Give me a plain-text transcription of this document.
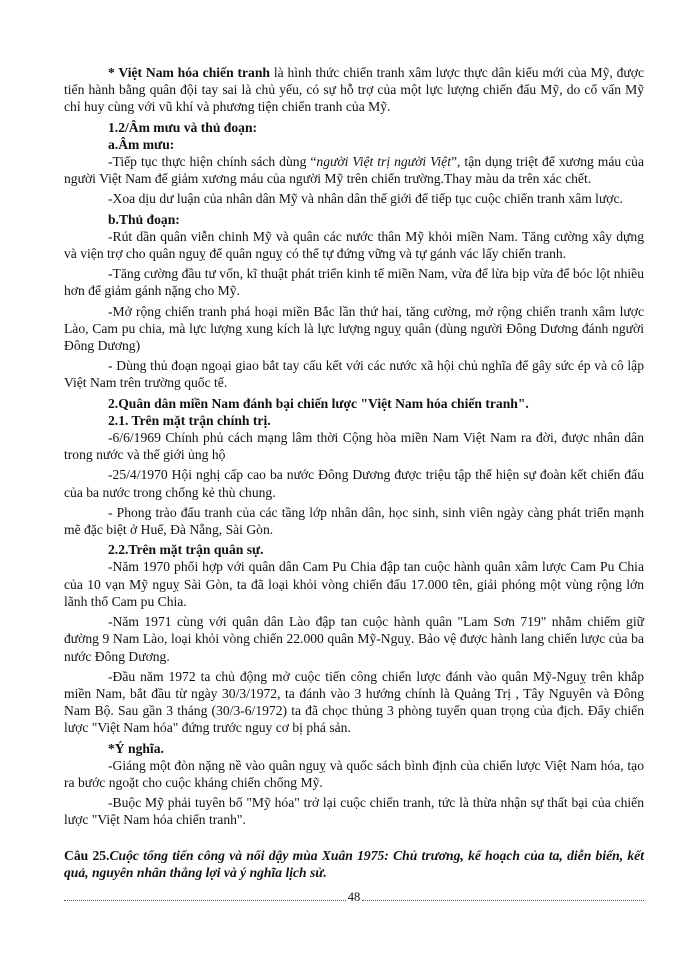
* Việt Nam hóa chiến tranh là hình thức chiến tranh xâm lược thực dân kiểu mới của Mỹ, được tiến hành bằng quân đội tay sai là chủ yếu, có sự hỗ trợ của một lực lượng chiến đấu Mỹ, do cố vấn Mỹ chỉ huy cùng với vũ khí và phương tiện chiến tranh của Mỹ.

1.2/Âm mưu và thủ đoạn:

a.Âm mưu:

-Tiếp tục thực hiện chính sách dùng “người Việt trị người Việt”, tận dụng triệt để xương máu của người Việt Nam để giảm xương máu của người Mỹ trên chiến trường.Thay màu da trên xác chết.

-Xoa dịu dư luận của nhân dân Mỹ và nhân dân thế giới để tiếp tục cuộc chiến tranh xâm lược.

b.Thủ đoạn:

-Rút dần quân viễn chinh Mỹ và quân các nước thân Mỹ khỏi miền Nam. Tăng cường xây dựng và viện trợ cho quân nguỵ để quân nguỵ có thể tự đứng vững và tự gánh vác lấy chiến tranh.

-Tăng cường đầu tư vốn, kĩ thuật phát triển kinh tế miền Nam, vừa để lừa bịp vừa để bóc lột nhiều hơn để giảm gánh nặng cho Mỹ.

-Mở rộng chiến tranh phá hoại miền Bắc lần thứ hai, tăng cường, mở rộng chiến tranh xâm lược Lào, Cam pu chia, mà lực lượng xung kích là lực lượng nguỵ quân (dùng người Đông Dương đánh người Đông Dương)

- Dùng thủ đoạn ngoại giao bắt tay cấu kết với các nước xã hội chủ nghĩa để gây sức ép và cô lập Việt Nam trên trường quốc tế.

2.Quân dân miền Nam đánh bại chiến lược "Việt Nam hóa chiến tranh".

2.1. Trên mặt trận chính trị.

-6/6/1969 Chính phủ cách mạng lâm thời Cộng hòa miền Nam Việt Nam ra đời, được nhân dân trong nước và thế giới ủng hộ

-25/4/1970 Hội nghị cấp cao ba nước Đông Dương được triệu tập thể hiện sự đoàn kết chiến đấu của ba nước trong chống kẻ thù chung.

- Phong trào đấu tranh của các tầng lớp nhân dân, học sinh, sinh viên ngày càng phát triển mạnh mẽ đặc biệt ở Huế, Đà Nẵng, Sài Gòn.

2.2.Trên mặt trận quân sự.

-Năm 1970 phối hợp với quân dân Cam Pu Chia đập tan cuộc hành quân xâm lược Cam Pu Chia của 10 vạn Mỹ nguỵ Sài Gòn, ta đã loại khỏi vòng chiến đấu 17.000 tên, giải phóng một vùng rộng lớn lãnh thổ Cam pu Chia.

-Năm 1971 cùng với quân dân Lào đập tan cuộc hành quân "Lam Sơn 719" nhằm chiếm giữ đường 9 Nam Lào, loại khỏi vòng chiến 22.000 quân Mỹ-Nguỵ. Bảo vệ được hành lang chiến lược của ba nước Đông Dương.

-Đầu năm 1972 ta chủ động mở cuộc tiến công chiến lược đánh vào quân Mỹ-Nguỵ trên khắp miền Nam, bắt đầu từ ngày 30/3/1972, ta đánh vào 3 hướng chính là Quảng Trị , Tây Nguyên và Đông Nam Bộ. Sau gần 3 tháng (30/3-6/1972) ta đã chọc thủng 3 phòng tuyến quan trọng của địch. Đẩy chiến lược "Việt Nam hóa" đứng trước nguy cơ bị phá sản.

*Ý nghĩa.

-Giáng một đòn nặng nề vào quân nguỵ và quốc sách bình định của chiến lược Việt Nam hóa, tạo ra bước ngoặt cho cuộc kháng chiến chống Mỹ.

-Buộc Mỹ phải tuyên bố "Mỹ hóa" trở lại cuộc chiến tranh, tức là thừa nhận sự thất bại của chiến lược "Việt Nam hóa chiến tranh".

Câu 25.Cuộc tổng tiến công và nổi dậy mùa Xuân 1975: Chủ trương, kế hoạch của ta, diễn biến, kết quả, nguyên nhân thắng lợi và ý nghĩa lịch sử.

48
